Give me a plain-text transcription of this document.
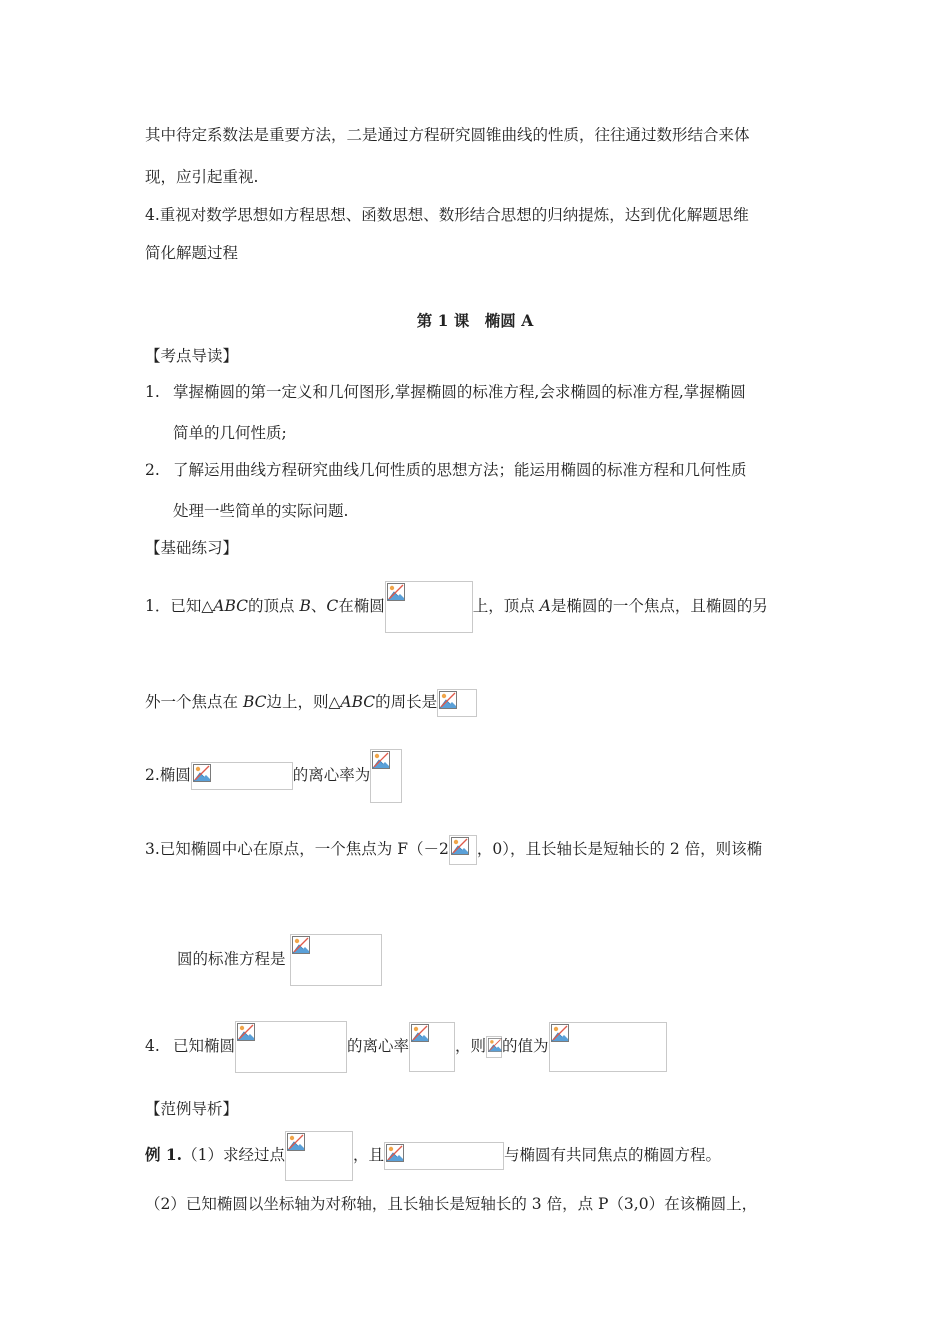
其中待定系数法是重要方法，二是通过方程研究圆锥曲线的性质，往往通过数形结合来体
现，应引起重视.
4.重视对数学思想如方程思想、函数思想、数形结合思想的归纳提炼，达到优化解题思维
简化解题过程
第 1 课　椭圆 A
【考点导读】
1. 掌握椭圆的第一定义和几何图形,掌握椭圆的标准方程,会求椭圆的标准方程,掌握椭圆
简单的几何性质;
2. 了解运用曲线方程研究曲线几何性质的思想方法；能运用椭圆的标准方程和几何性质
处理一些简单的实际问题.
【基础练习】
1．已知△ABC的顶点 B、C在椭圆	上，顶点 A是椭圆的一个焦点，且椭圆的另
外一个焦点在 BC边上，则△ABC的周长是
2.椭圆	的离心率为
3.已知椭圆中心在原点，一个焦点为 F（－2 ，0），且长轴长是短轴长的 2 倍，则该椭
圆的标准方程是
4. 已知椭圆	的离心率	，则 的值为
【范例导析】
例 1.（1）求经过点	，且	与椭圆有共同焦点的椭圆方程。
（2）已知椭圆以坐标轴为对称轴，且长轴长是短轴长的 3 倍，点 P（3,0）在该椭圆上，
